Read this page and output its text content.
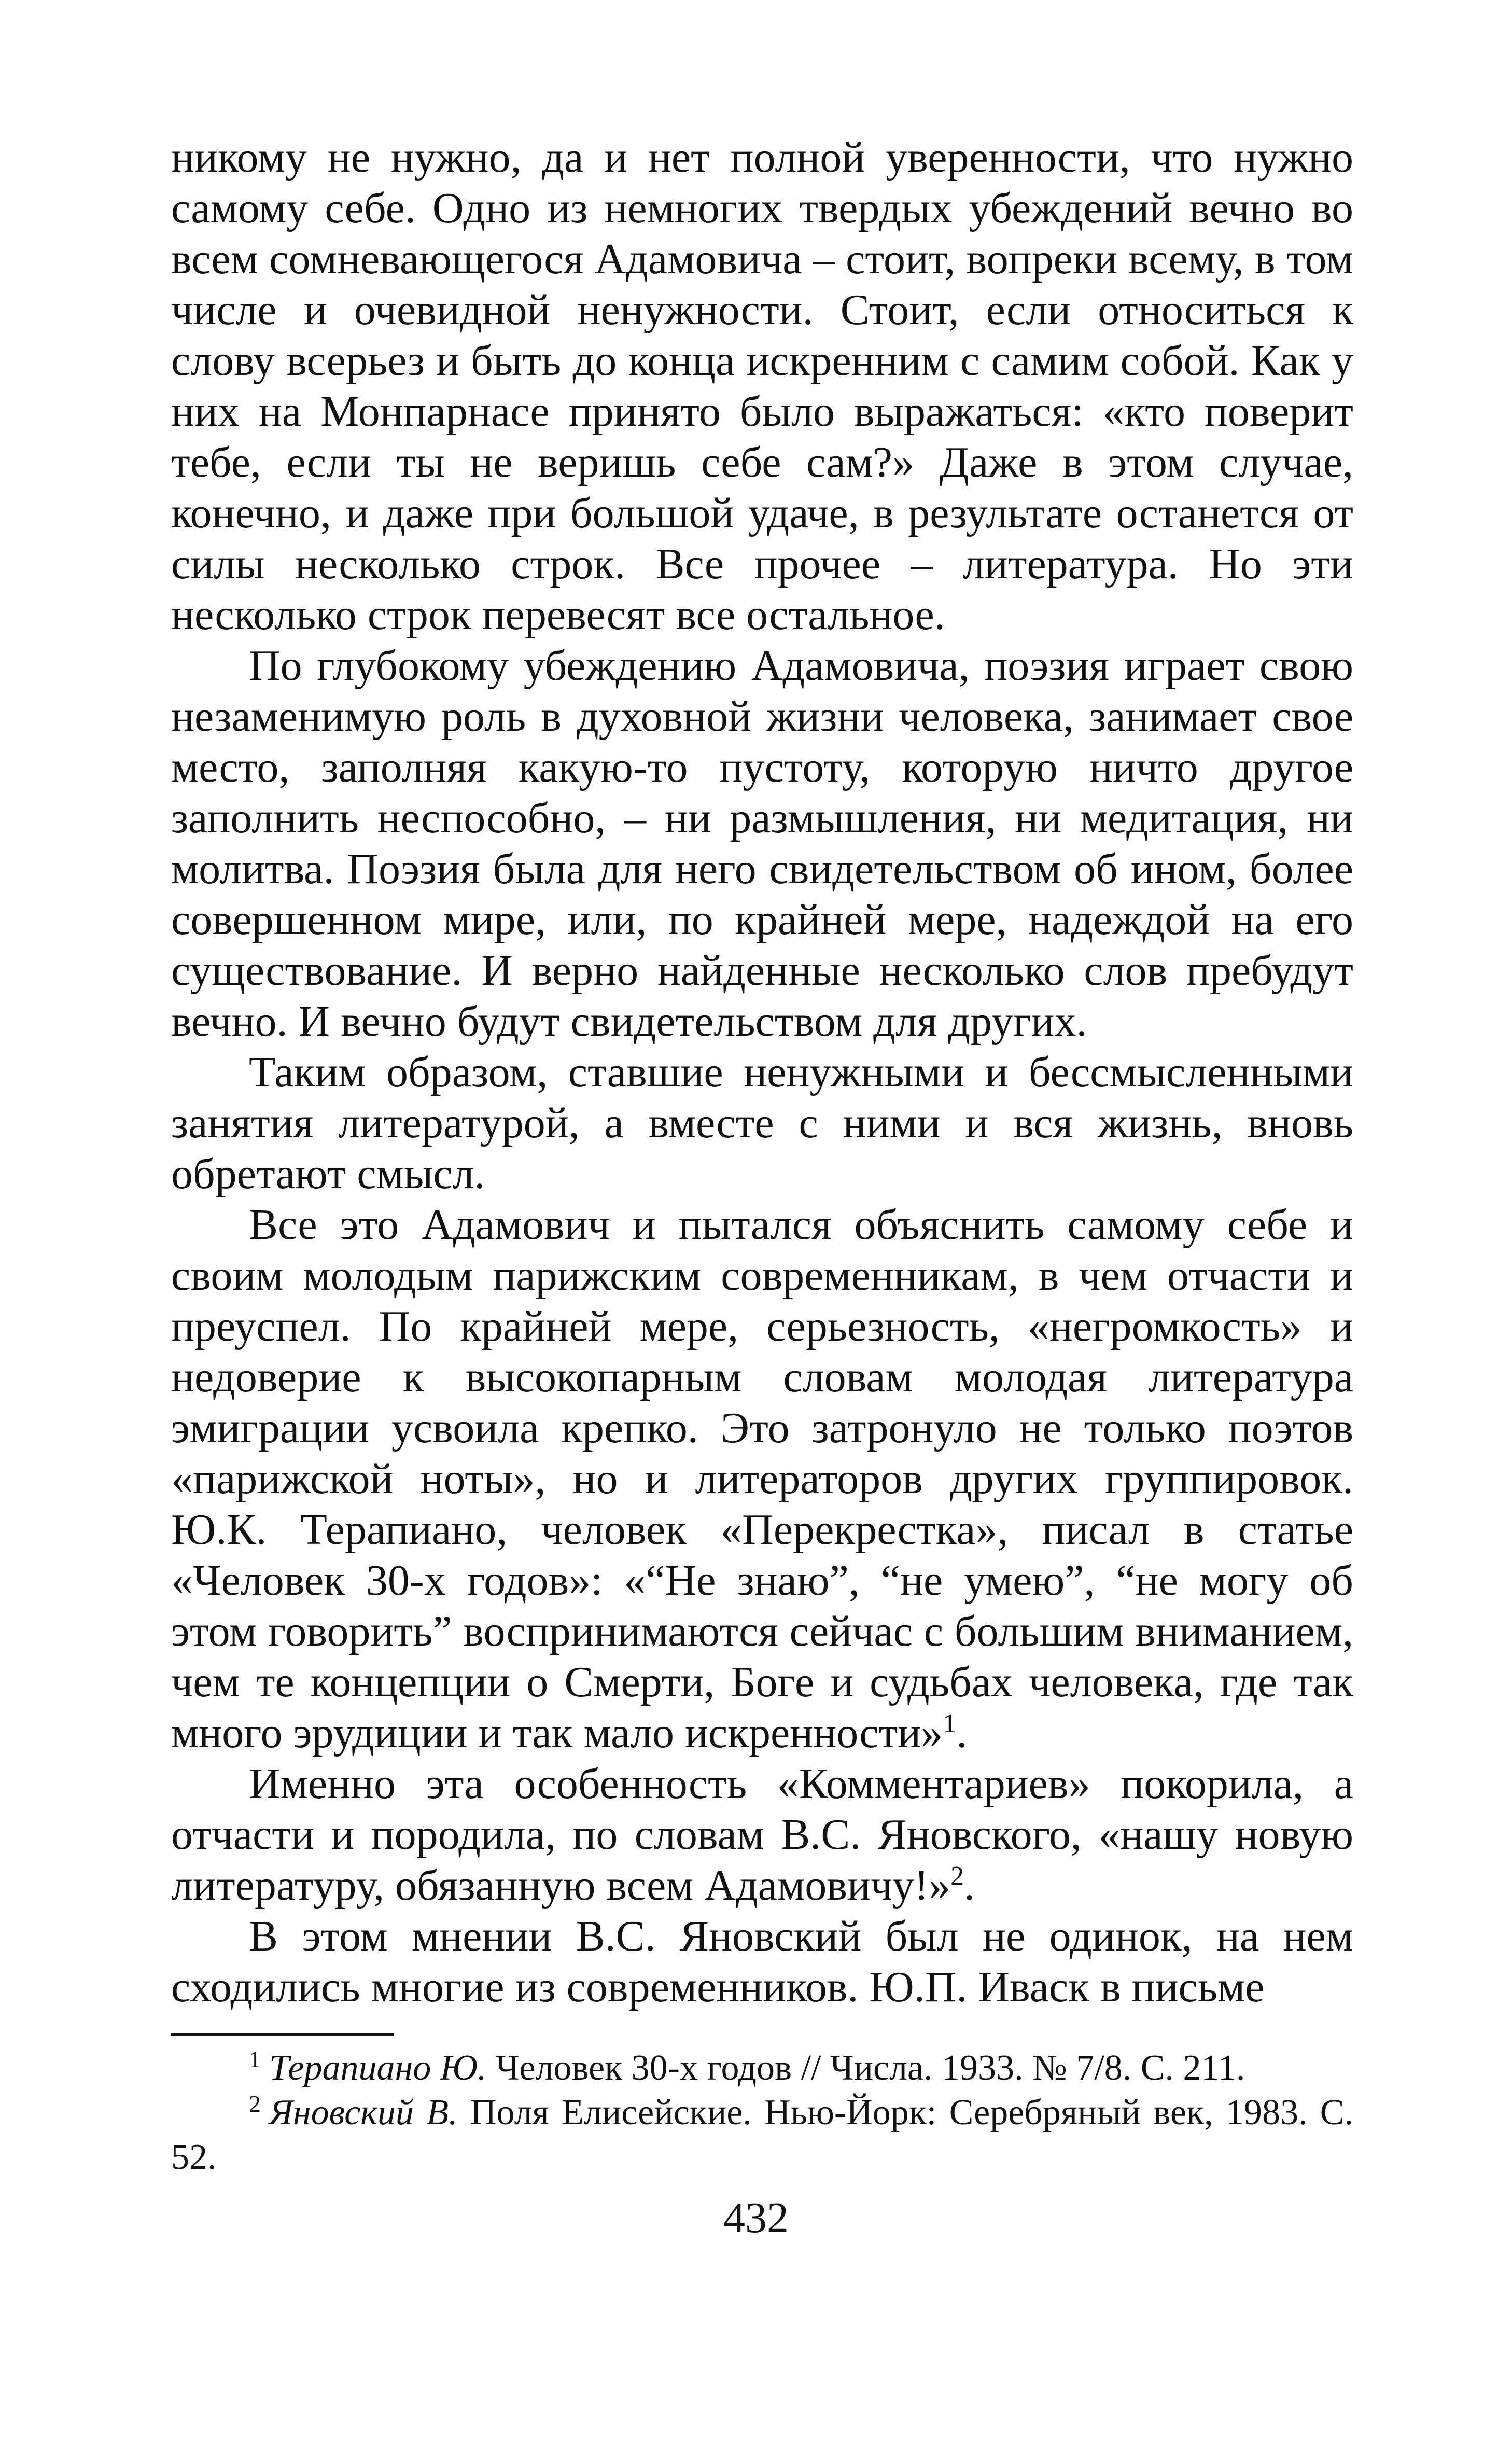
никому не нужно, да и нет полной уверенности, что нужно самому себе. Одно из немногих твердых убеждений вечно во всем сомневающегося Адамовича – стоит, вопреки всему, в том числе и очевидной ненужности. Стоит, если относиться к слову всерьез и быть до конца искренним с самим собой. Как у них на Монпарнасе принято было выражаться: «кто поверит тебе, если ты не веришь себе сам?» Даже в этом случае, конечно, и даже при большой удаче, в результате останется от силы несколько строк. Все прочее – литература. Но эти несколько строк перевесят все остальное.

По глубокому убеждению Адамовича, поэзия играет свою незаменимую роль в духовной жизни человека, занимает свое место, заполняя какую-то пустоту, которую ничто другое заполнить неспособно, – ни размышления, ни медитация, ни молитва. Поэзия была для него свидетельством об ином, более совершенном мире, или, по крайней мере, надеждой на его существование. И верно найденные несколько слов пребудут вечно. И вечно будут свидетельством для других.

Таким образом, ставшие ненужными и бессмысленными занятия литературой, а вместе с ними и вся жизнь, вновь обретают смысл.

Все это Адамович и пытался объяснить самому себе и своим молодым парижским современникам, в чем отчасти и преуспел. По крайней мере, серьезность, «негромкость» и недоверие к высокопарным словам молодая литература эмиграции усвоила крепко. Это затронуло не только поэтов «парижской ноты», но и литераторов других группировок. Ю.К. Терапиано, человек «Перекрестка», писал в статье «Человек 30-х годов»: «“Не знаю”, “не умею”, “не могу об этом говорить” воспринимаются сейчас с большим вниманием, чем те концепции о Смерти, Боге и судьбах человека, где так много эрудиции и так мало искренности»$^1$.

Именно эта особенность «Комментариев» покорила, а отчасти и породила, по словам В.С. Яновского, «нашу новую литературу, обязанную всем Адамовичу!»$^2$.

В этом мнении В.С. Яновский был не одинок, на нем сходились многие из современников. Ю.П. Иваск в письме

$^1$ Терапиано Ю. Человек 30-х годов // Числа. 1933. № 7/8. С. 211.

$^2$ Яновский В. Поля Елисейские. Нью-Йорк: Серебряный век, 1983. С. 52.

432
